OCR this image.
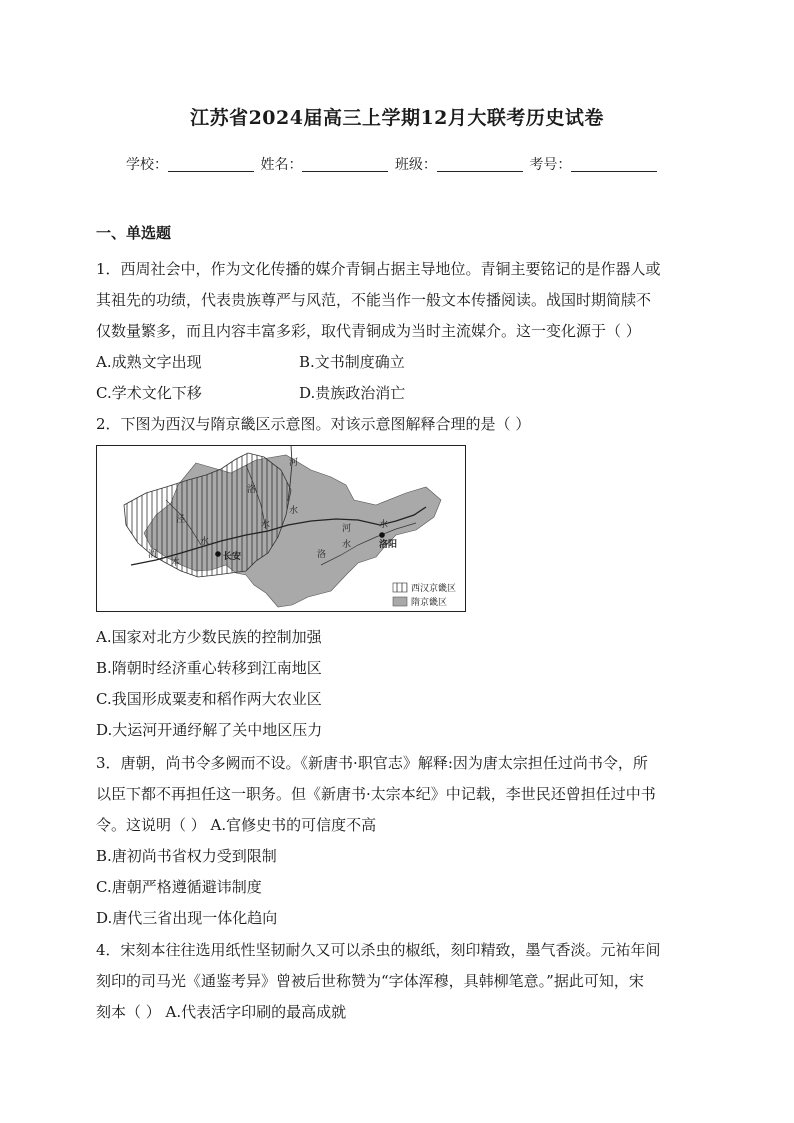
江苏省2024届高三上学期12月大联考历史试卷
学校：	姓名：	班级：	考号：
一、单选题
1．西周社会中，作为文化传播的媒介青铜占据主导地位。青铜主要铭记的是作器人或
其祖先的功绩，代表贵族尊严与风范，不能当作一般文本传播阅读。战国时期简牍不
仅数量繁多，而且内容丰富多彩，取代青铜成为当时主流媒介。这一变化源于（ ）
A.成熟文字出现	B.文书制度确立
C.学术文化下移	D.贵族政治消亡
2．下图为西汉与隋京畿区示意图。对该示意图解释合理的是（ ）
河
洛
泾
水
水
水
渭
本
河	水
洛
水
长安
洛阳
西汉京畿区
隋京畿区
A.国家对北方少数民族的控制加强
B.隋朝时经济重心转移到江南地区
C.我国形成粟麦和稻作两大农业区
D.大运河开通纾解了关中地区压力
3．唐朝，尚书令多阙而不设。《新唐书·职官志》解释:因为唐太宗担任过尚书令，所
以臣下都不再担任这一职务。但《新唐书·太宗本纪》中记载，李世民还曾担任过中书
令。这说明（ ） A.官修史书的可信度不高
B.唐初尚书省权力受到限制
C.唐朝严格遵循避讳制度
D.唐代三省出现一体化趋向
4．宋刻本往往选用纸性坚韧耐久又可以杀虫的椒纸，刻印精致，墨气香淡。元祐年间
刻印的司马光《通鉴考异》曾被后世称赞为“字体浑穆，具韩柳笔意。”据此可知，宋
刻本（ ） A.代表活字印刷的最高成就
